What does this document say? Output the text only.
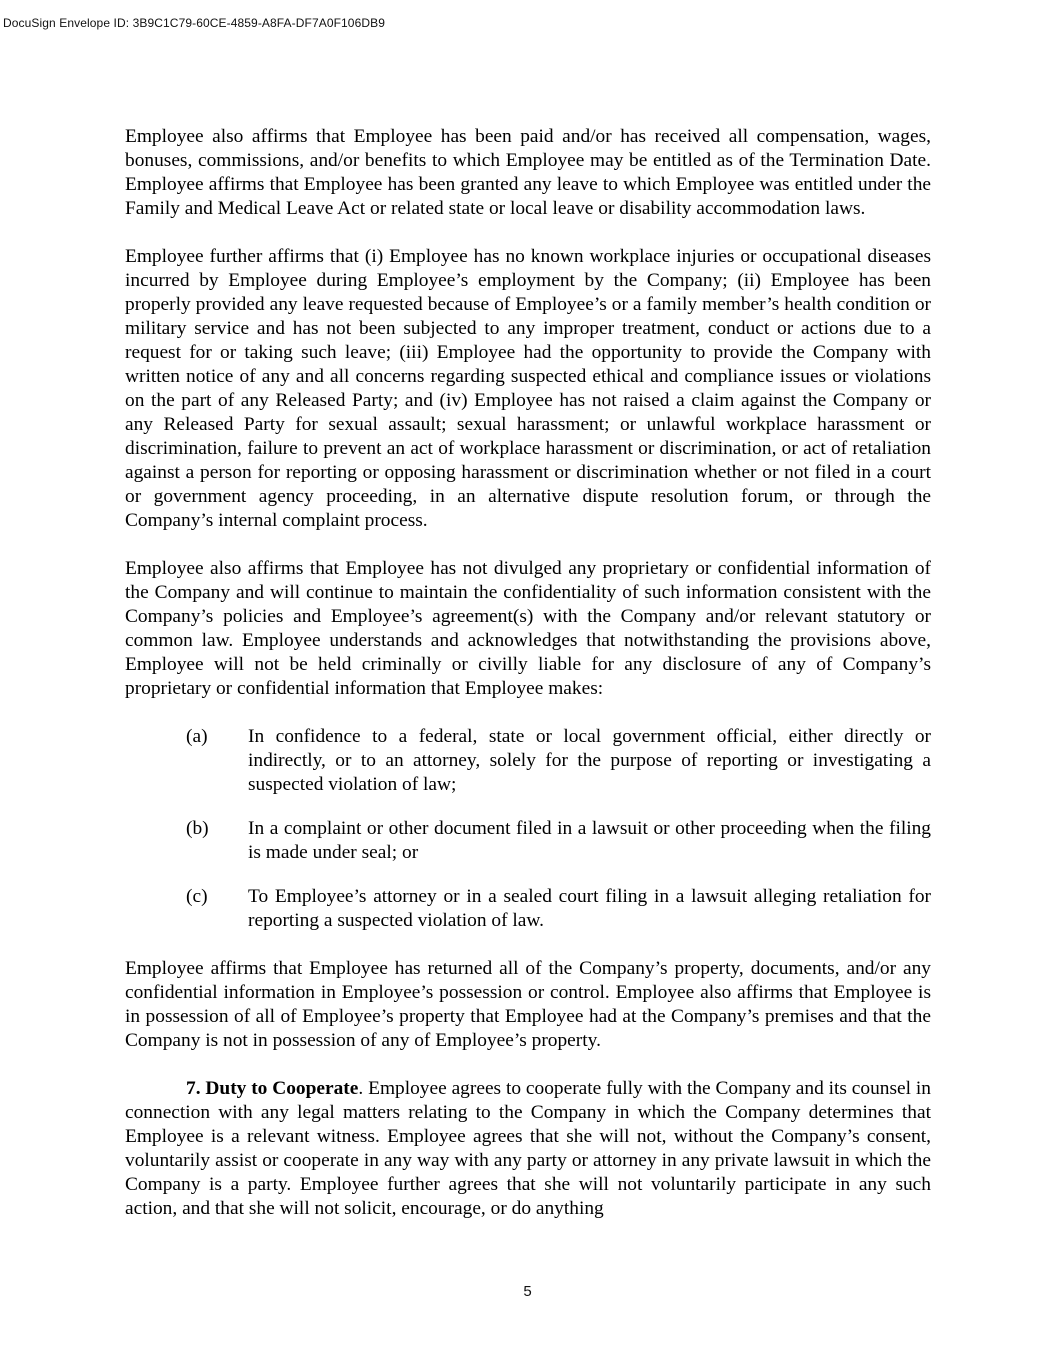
DocuSign Envelope ID: 3B9C1C79-60CE-4859-A8FA-DF7A0F106DB9

Employee also affirms that Employee has been paid and/or has received all compensation, wages, bonuses, commissions, and/or benefits to which Employee may be entitled as of the Termination Date. Employee affirms that Employee has been granted any leave to which Employee was entitled under the Family and Medical Leave Act or related state or local leave or disability accommodation laws.

Employee further affirms that (i) Employee has no known workplace injuries or occupational diseases incurred by Employee during Employee’s employment by the Company; (ii) Employee has been properly provided any leave requested because of Employee’s or a family member’s health condition or military service and has not been subjected to any improper treatment, conduct or actions due to a request for or taking such leave; (iii) Employee had the opportunity to provide the Company with written notice of any and all concerns regarding suspected ethical and compliance issues or violations on the part of any Released Party; and (iv) Employee has not raised a claim against the Company or any Released Party for sexual assault; sexual harassment; or unlawful workplace harassment or discrimination, failure to prevent an act of workplace harassment or discrimination, or act of retaliation against a person for reporting or opposing harassment or discrimination whether or not filed in a court or government agency proceeding, in an alternative dispute resolution forum, or through the Company’s internal complaint process.

Employee also affirms that Employee has not divulged any proprietary or confidential information of the Company and will continue to maintain the confidentiality of such information consistent with the Company’s policies and Employee’s agreement(s) with the Company and/or relevant statutory or common law. Employee understands and acknowledges that notwithstanding the provisions above, Employee will not be held criminally or civilly liable for any disclosure of any of Company’s proprietary or confidential information that Employee makes:

(a)	In confidence to a federal, state or local government official, either directly or indirectly, or to an attorney, solely for the purpose of reporting or investigating a suspected violation of law;
(b)	In a complaint or other document filed in a lawsuit or other proceeding when the filing is made under seal; or
(c)	To Employee’s attorney or in a sealed court filing in a lawsuit alleging retaliation for reporting a suspected violation of law.

Employee affirms that Employee has returned all of the Company’s property, documents, and/or any confidential information in Employee’s possession or control. Employee also affirms that Employee is in possession of all of Employee’s property that Employee had at the Company’s premises and that the Company is not in possession of any of Employee’s property.

7. Duty to Cooperate. Employee agrees to cooperate fully with the Company and its counsel in connection with any legal matters relating to the Company in which the Company determines that Employee is a relevant witness. Employee agrees that she will not, without the Company’s consent, voluntarily assist or cooperate in any way with any party or attorney in any private lawsuit in which the Company is a party. Employee further agrees that she will not voluntarily participate in any such action, and that she will not solicit, encourage, or do anything

5
